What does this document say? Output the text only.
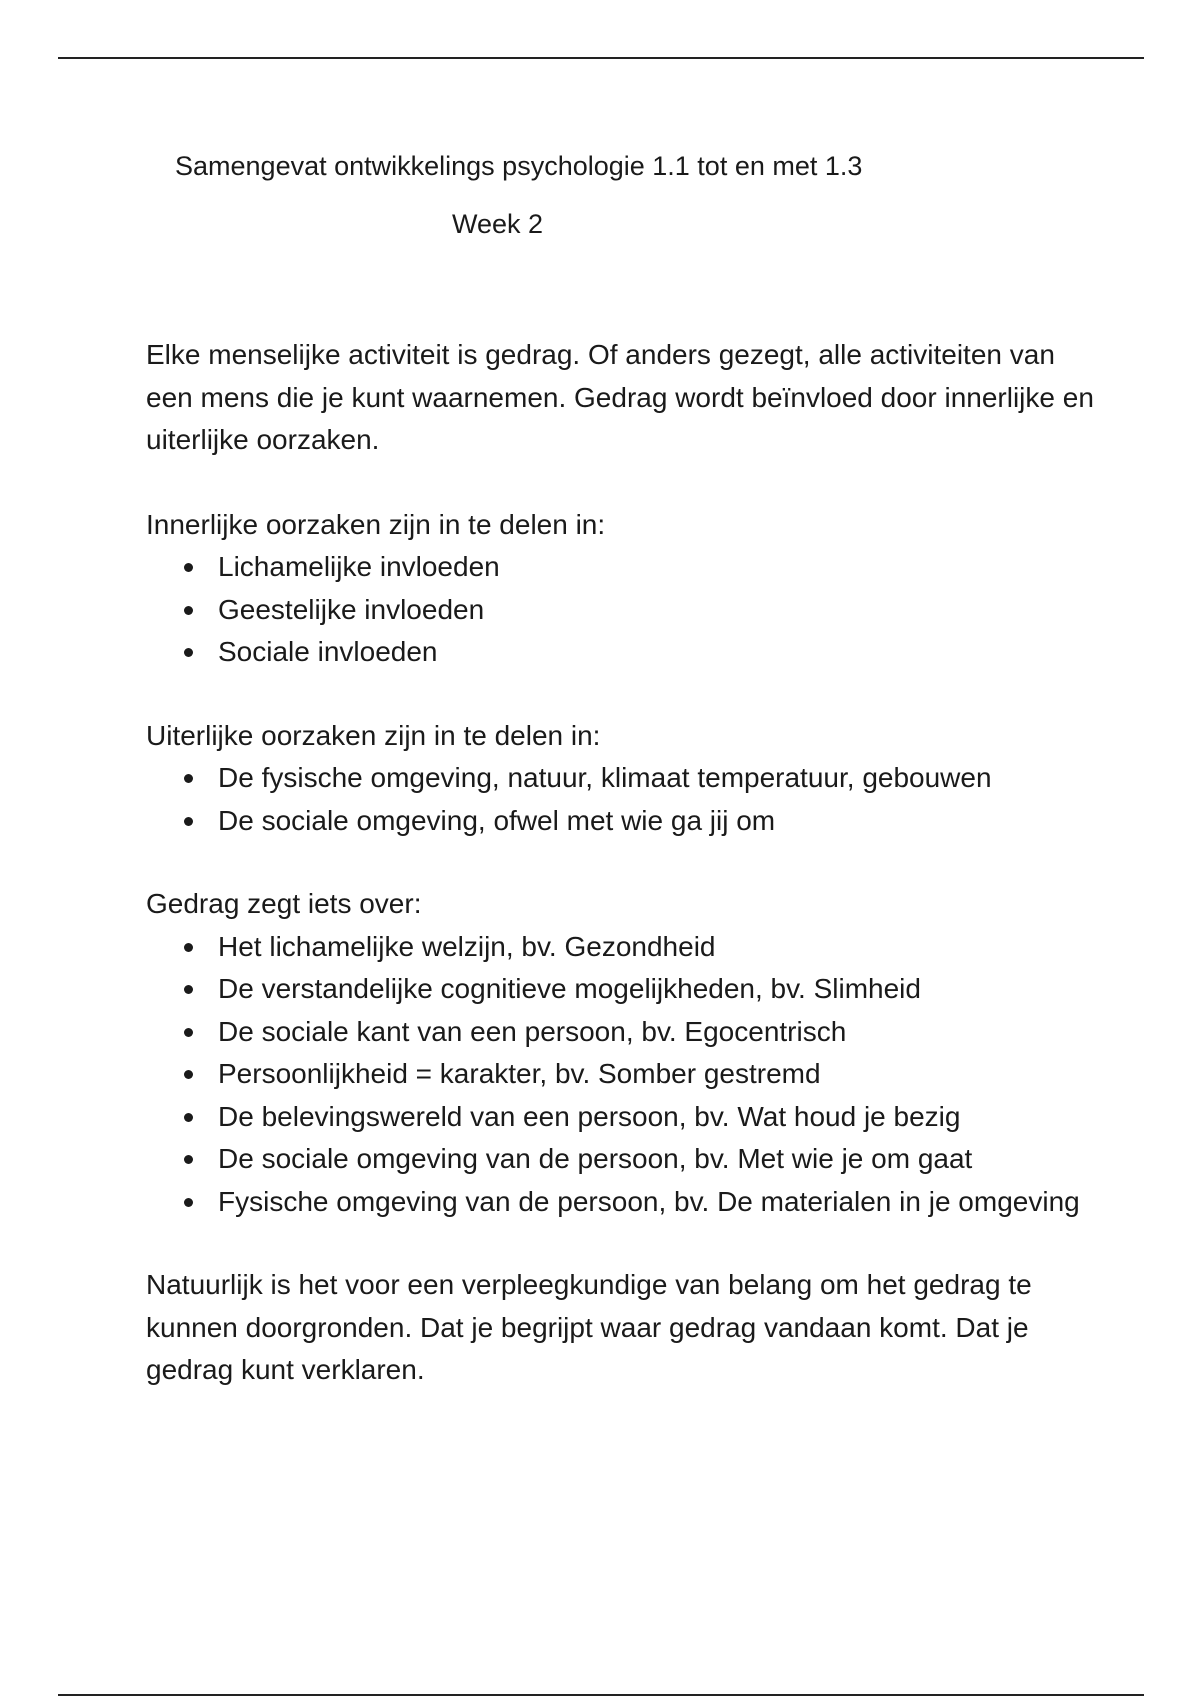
Samengevat ontwikkelings psychologie 1.1 tot en met 1.3
Week 2

Elke menselijke activiteit is gedrag. Of anders gezegt, alle activiteiten van een mens die je kunt waarnemen. Gedrag wordt beïnvloed door innerlijke en uiterlijke oorzaken.

Innerlijke oorzaken zijn in te delen in:

Lichamelijke invloeden
Geestelijke invloeden
Sociale invloeden

Uiterlijke oorzaken zijn in te delen in:

De fysische omgeving, natuur, klimaat temperatuur, gebouwen
De sociale omgeving, ofwel met wie ga jij om

Gedrag zegt iets over:

Het lichamelijke welzijn, bv. Gezondheid
De verstandelijke cognitieve mogelijkheden, bv. Slimheid
De sociale kant van een persoon, bv. Egocentrisch
Persoonlijkheid = karakter, bv. Somber gestremd
De belevingswereld van een persoon, bv. Wat houd je bezig
De sociale omgeving van de persoon, bv. Met wie je om gaat
Fysische omgeving van de persoon, bv. De materialen in je omgeving

Natuurlijk is het voor een verpleegkundige van belang om het gedrag te kunnen doorgronden. Dat je begrijpt waar gedrag vandaan komt. Dat je gedrag kunt verklaren.
